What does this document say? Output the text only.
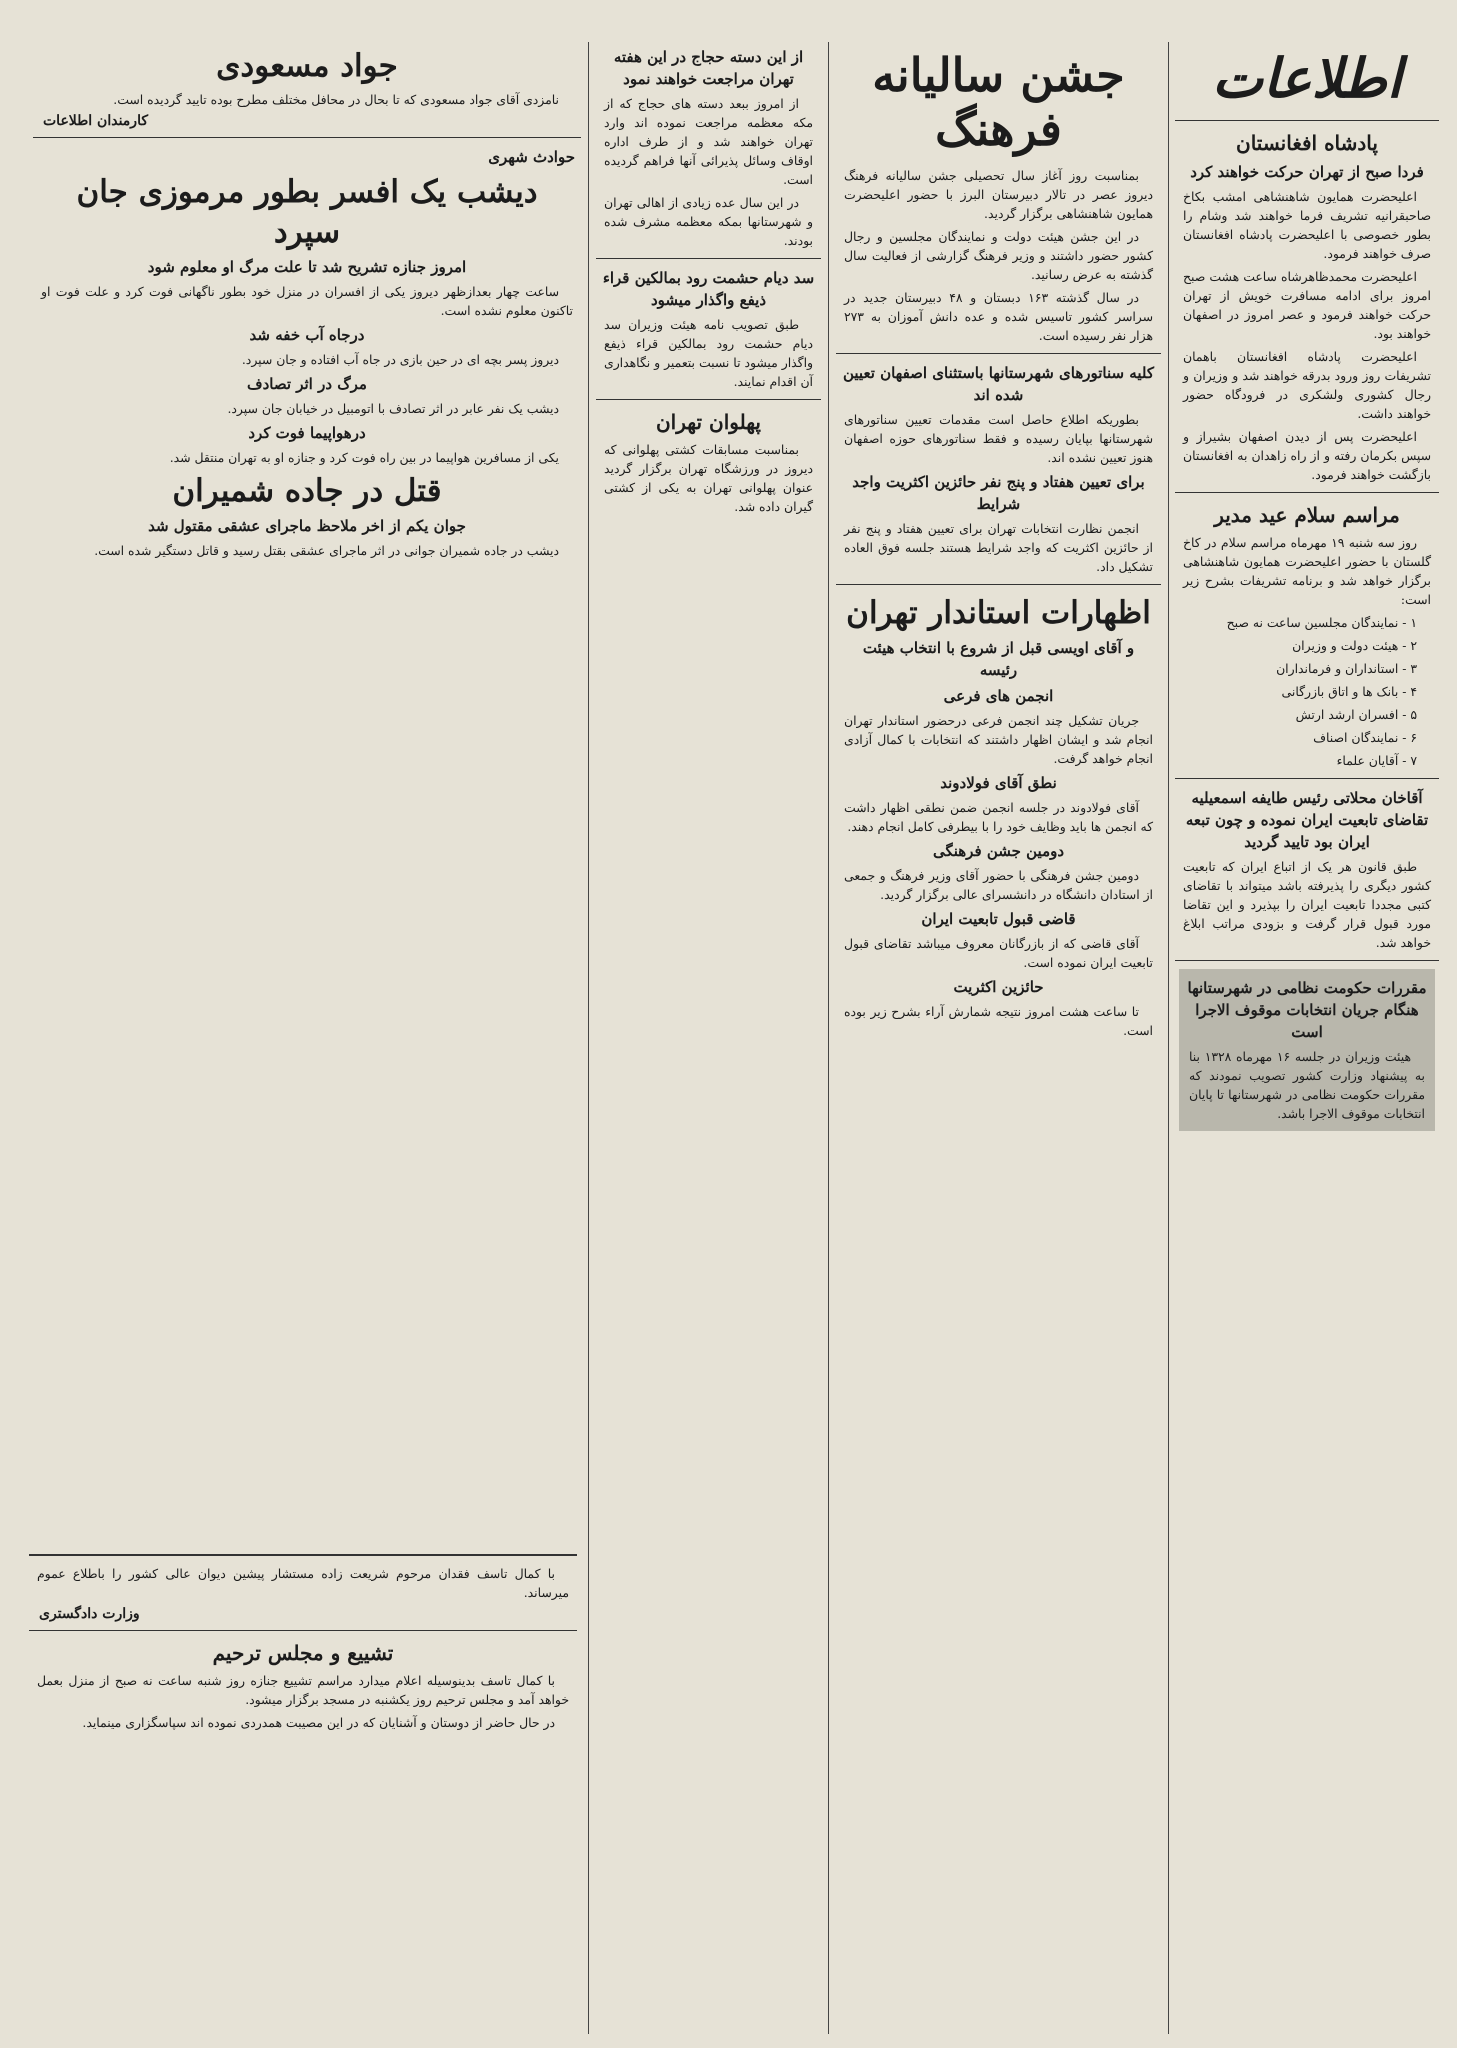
اطلاعات
پادشاه افغانستان
فردا صبح از تهران حرکت خواهند کرد

اعلیحضرت همایون شاهنشاهی امشب بکاخ صاحبقرانیه تشریف فرما خواهند شد وشام را بطور خصوصی با اعلیحضرت پادشاه افغانستان صرف خواهند فرمود.

اعلیحضرت محمدظاهرشاه ساعت هشت صبح امروز برای ادامه مسافرت خویش از تهران حرکت خواهند فرمود و عصر امروز در اصفهان خواهند بود.

اعلیحضرت پادشاه افغانستان باهمان تشریفات روز ورود بدرقه خواهند شد و وزیران و رجال کشوری ولشکری در فرودگاه حضور خواهند داشت.

اعلیحضرت پس از دیدن اصفهان بشیراز و سپس بکرمان رفته و از راه زاهدان به افغانستان بازگشت خواهند فرمود.

مراسم سلام عید مدیر

روز سه شنبه ۱۹ مهرماه مراسم سلام در کاخ گلستان با حضور اعلیحضرت همایون شاهنشاهی برگزار خواهد شد و برنامه تشریفات بشرح زیر است:

۱ - نمایندگان مجلسین ساعت نه صبح

۲ - هیئت دولت و وزیران

۳ - استانداران و فرمانداران

۴ - بانک ها و اتاق بازرگانی

۵ - افسران ارشد ارتش

۶ - نمایندگان اصناف

۷ - آقایان علماء

آقاخان محلاتی رئیس طایفه اسمعیلیه تقاضای تابعیت ایران نموده و چون تبعه ایران بود تایید گردید

طبق قانون هر یک از اتباع ایران که تابعیت کشور دیگری را پذیرفته باشد میتواند با تقاضای کتبی مجددا تابعیت ایران را بپذیرد و این تقاضا مورد قبول قرار گرفت و بزودی مراتب ابلاغ خواهد شد.

مقررات حکومت نظامی در شهرستانها هنگام جریان انتخابات موقوف الاجرا است

هیئت وزیران در جلسه ۱۶ مهرماه ۱۳۲۸ بنا به پیشنهاد وزارت کشور تصویب نمودند که مقررات حکومت نظامی در شهرستانها تا پایان انتخابات موقوف الاجرا باشد.

جشن سالیانه فرهنگ

بمناسبت روز آغاز سال تحصیلی جشن سالیانه فرهنگ دیروز عصر در تالار دبیرستان البرز با حضور اعلیحضرت همایون شاهنشاهی برگزار گردید.

در این جشن هیئت دولت و نمایندگان مجلسین و رجال کشور حضور داشتند و وزیر فرهنگ گزارشی از فعالیت سال گذشته به عرض رسانید.

در سال گذشته ۱۶۳ دبستان و ۴۸ دبیرستان جدید در سراسر کشور تاسیس شده و عده دانش آموزان به ۲۷۳ هزار نفر رسیده است.

کلیه سناتورهای شهرستانها باستثنای اصفهان تعیین شده اند

بطوریکه اطلاع حاصل است مقدمات تعیین سناتورهای شهرستانها بپایان رسیده و فقط سناتورهای حوزه اصفهان هنوز تعیین نشده اند.

برای تعیین هفتاد و پنج نفر حائزین اکثریت واجد شرایط

انجمن نظارت انتخابات تهران برای تعیین هفتاد و پنج نفر از حائزین اکثریت که واجد شرایط هستند جلسه فوق العاده تشکیل داد.

اظهارات استاندار تهران
و آقای اویسی قبل از شروع با انتخاب هیئت رئیسه
انجمن های فرعی

جریان تشکیل چند انجمن فرعی درحضور استاندار تهران انجام شد و ایشان اظهار داشتند که انتخابات با کمال آزادی انجام خواهد گرفت.

نطق آقای فولادوند

آقای فولادوند در جلسه انجمن ضمن نطقی اظهار داشت که انجمن ها باید وظایف خود را با بیطرفی کامل انجام دهند.

دومین جشن فرهنگی

دومین جشن فرهنگی با حضور آقای وزیر فرهنگ و جمعی از استادان دانشگاه در دانشسرای عالی برگزار گردید.

قاضی قبول تابعیت ایران

آقای قاضی که از بازرگانان معروف میباشد تقاضای قبول تابعیت ایران نموده است.

حائزین اکثریت

تا ساعت هشت امروز نتیجه شمارش آراء بشرح زیر بوده است.

از این دسته حجاج در این هفته تهران مراجعت خواهند نمود

از امروز ببعد دسته های حجاج که از مکه معظمه مراجعت نموده اند وارد تهران خواهند شد و از طرف اداره اوقاف وسائل پذیرائی آنها فراهم گردیده است.

در این سال عده زیادی از اهالی تهران و شهرستانها بمکه معظمه مشرف شده بودند.

سد دیام حشمت رود بمالکین قراء ذیفع واگذار میشود

طبق تصویب نامه هیئت وزیران سد دیام حشمت رود بمالکین قراء ذیفع واگذار میشود تا نسبت بتعمیر و نگاهداری آن اقدام نمایند.

پهلوان تهران

بمناسبت مسابقات کشتی پهلوانی که دیروز در ورزشگاه تهران برگزار گردید عنوان پهلوانی تهران به یکی از کشتی گیران داده شد.

جواد مسعودی

نامزدی آقای جواد مسعودی که تا بحال در محافل مختلف مطرح بوده تایید گردیده است.

کارمندان اطلاعات
حوادث شهری
دیشب یک افسر بطور مرموزی جان سپرد
امروز جنازه تشریح شد تا علت مرگ او معلوم شود

ساعت چهار بعدازظهر دیروز یکی از افسران در منزل خود بطور ناگهانی فوت کرد و علت فوت او تاکنون معلوم نشده است.

درجاه آب خفه شد

دیروز پسر بچه ای در حین بازی در جاه آب افتاده و جان سپرد.

مرگ در اثر تصادف

دیشب یک نفر عابر در اثر تصادف با اتومبیل در خیابان جان سپرد.

درهواپیما فوت کرد

یکی از مسافرین هواپیما در بین راه فوت کرد و جنازه او به تهران منتقل شد.

قتل در جاده شمیران
جوان یکم از اخر ملاحظ ماجرای عشقی مقتول شد

دیشب در جاده شمیران جوانی در اثر ماجرای عشقی بقتل رسید و قاتل دستگیر شده است.

با کمال تاسف فقدان مرحوم شریعت زاده مستشار پیشین دیوان عالی کشور را باطلاع عموم میرساند.

وزارت دادگستری
تشییع و مجلس ترحیم

با کمال تاسف بدینوسیله اعلام میدارد مراسم تشییع جنازه روز شنبه ساعت نه صبح از منزل بعمل خواهد آمد و مجلس ترحیم روز یکشنبه در مسجد برگزار میشود.

در حال حاضر از دوستان و آشنایان که در این مصیبت همدردی نموده اند سپاسگزاری مینماید.
